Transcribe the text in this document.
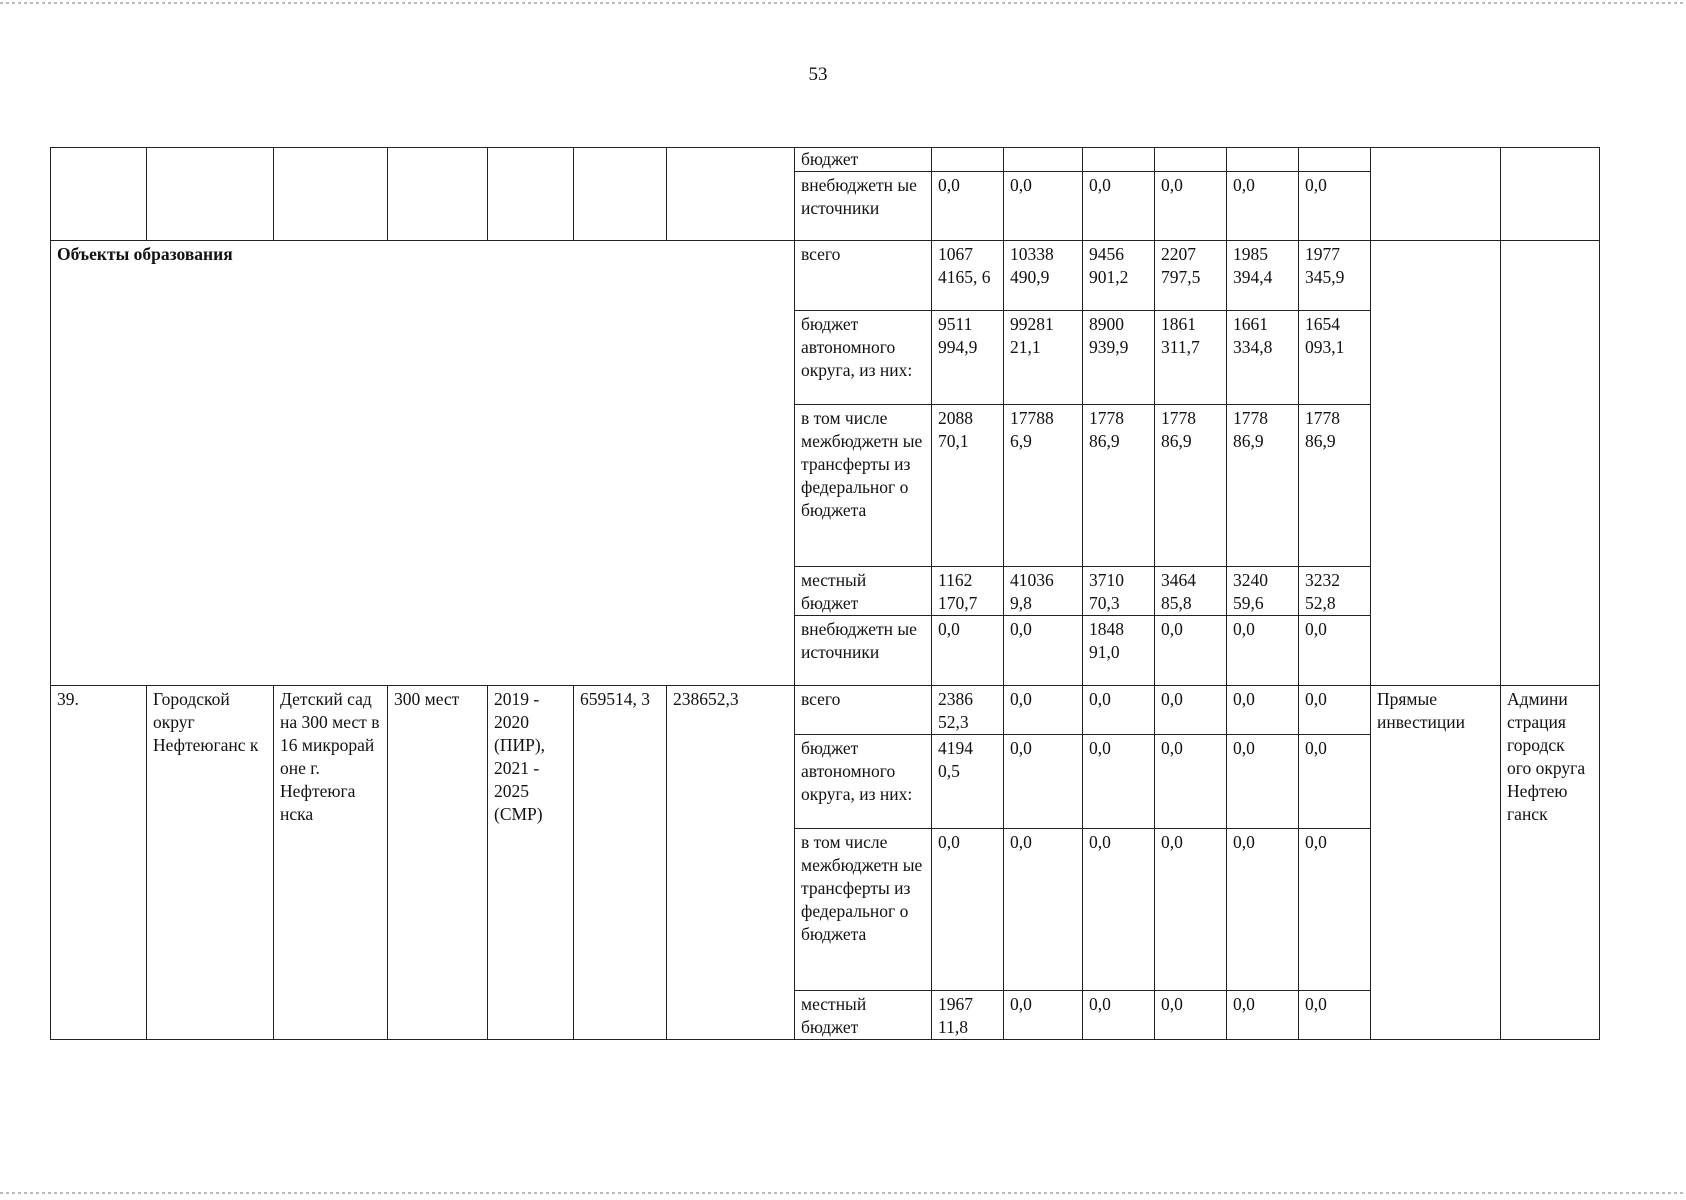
53
							бюджет								
							внебюджетн ые источники	0,0	0,0	0,0	0,0	0,0	0,0		
Объекты образования							всего	1067 4165, 6	10338 490,9	9456 901,2	2207 797,5	1985 394,4	1977 345,9		
							бюджет автономного округа, из них:	9511 994,9	99281 21,1	8900 939,9	1861 311,7	1661 334,8	1654 093,1		
							в том числе межбюджетн ые трансферты из федеральног о бюджета	2088 70,1	17788 6,9	1778 86,9	1778 86,9	1778 86,9	1778 86,9		
							местный бюджет	1162 170,7	41036 9,8	3710 70,3	3464 85,8	3240 59,6	3232 52,8		
							внебюджетн ые источники	0,0	0,0	1848 91,0	0,0	0,0	0,0		
39.	Городской округ Нефтеюганс к	Детский сад на 300 мест в 16 микрорай оне г. Нефтеюга нска	300 мест	2019 - 2020 (ПИР), 2021 - 2025 (СМР)	659514, 3	238652,3	всего	2386 52,3	0,0	0,0	0,0	0,0	0,0	Прямые инвестиции	Админи страция городск ого округа Нефтею ганск
							бюджет автономного округа, из них:	4194 0,5	0,0	0,0	0,0	0,0	0,0		
							в том числе межбюджетн ые трансферты из федеральног о бюджета	0,0	0,0	0,0	0,0	0,0	0,0		
							местный бюджет	1967 11,8	0,0	0,0	0,0	0,0	0,0		
